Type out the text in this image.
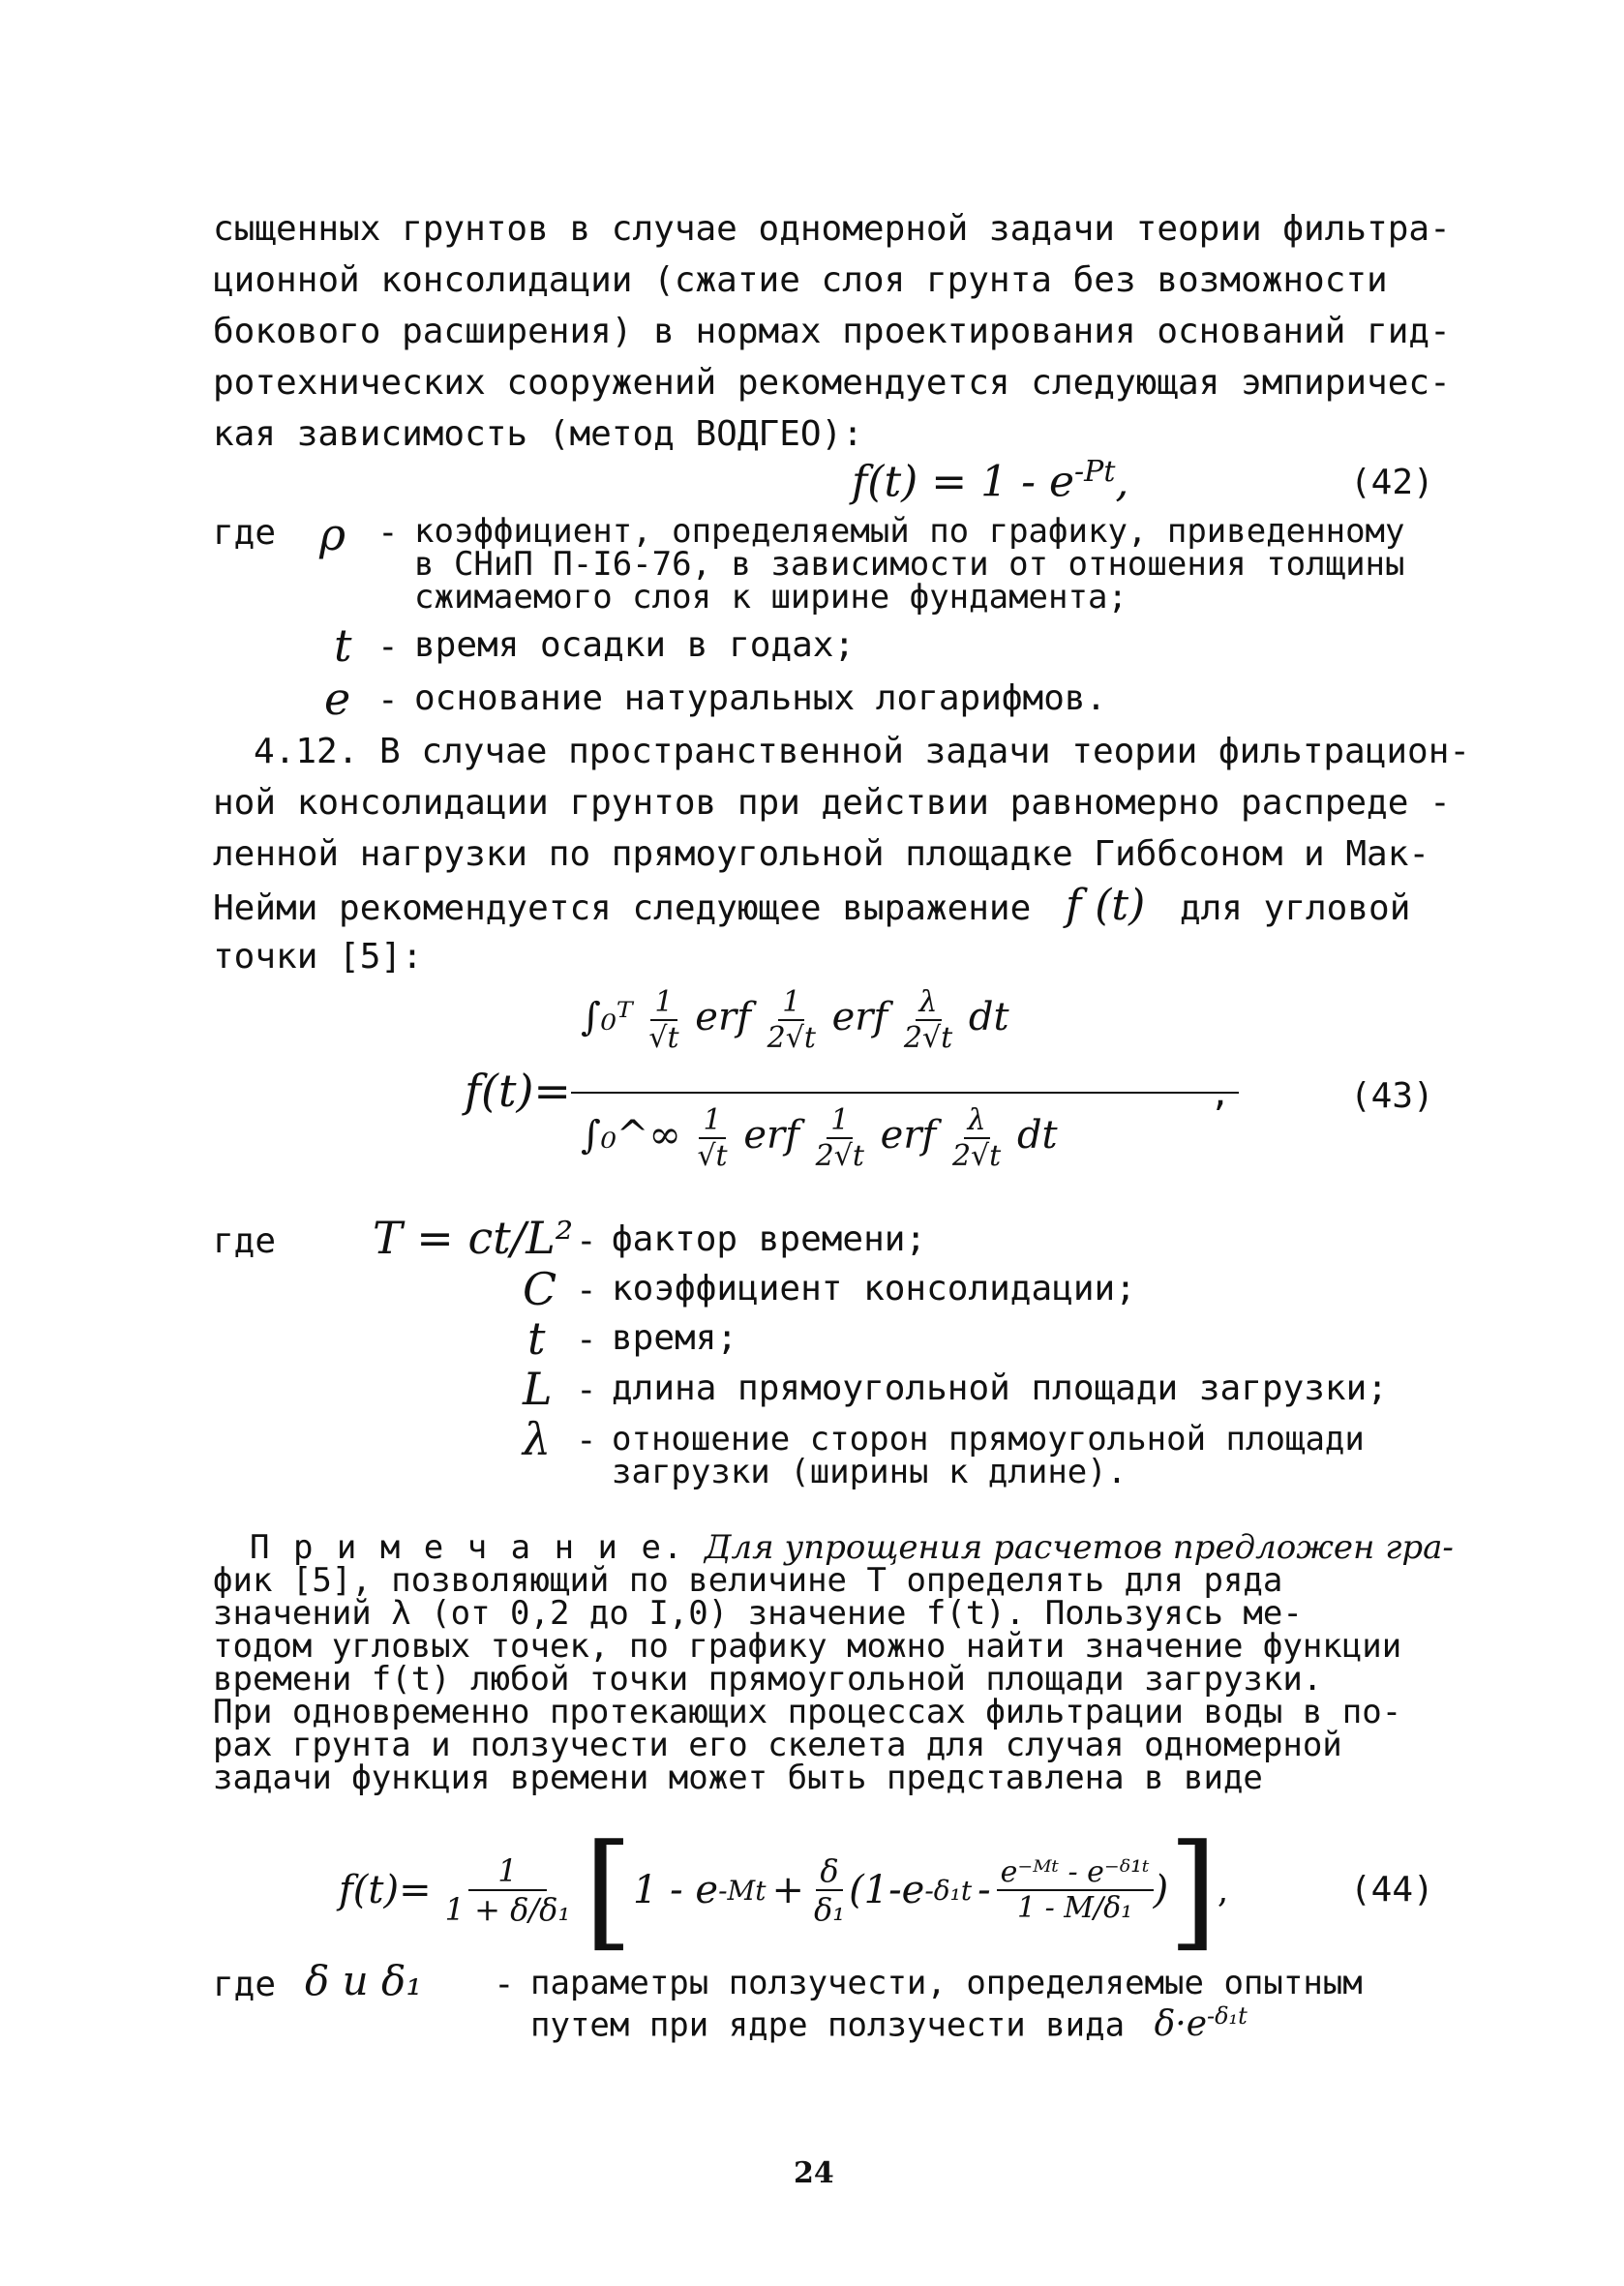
сыщенных грунтов в случае одномерной задачи теории фильтра-
ционной консолидации (сжатие слоя грунта без возможности
бокового расширения) в нормах проектирования оснований гид-
ротехнических сооружений рекомендуется следующая эмпиричес-
кая зависимость (метод ВОДГЕО):
$f(t) = 1 - e^{-Pt}$,	(42)
где ρ - коэффициент, определяемый по графику, приведенному
в СНиП П-I6-76, в зависимости от отношения толщины
сжимаемого слоя к ширине фундамента;
t - время осадки в годах;
e - основание натуральных логарифмов.
4.12. В случае пространственной задачи теории фильтрацион-
ной консолидации грунтов при действии равномерно распреде -
ленной нагрузки по прямоугольной площадке Гиббсоном и Мак-
Нейми рекомендуется следующее выражение f (t) для угловой
точки [5]:
f(t)=
∫₀ᵀ $\frac{1}{√t}$ erf $\frac{1}{2√t}$ erf $\frac{\lambda}{2√t}$ dt
∫₀^∞ $\frac{1}{√t}$ erf $\frac{1}{2√t}$ erf $\frac{\lambda}{2√t}$ dt
,	(43)
где T = ct/L² - фактор времени;
C - коэффициент консолидации;
t - время;
L - длина прямоугольной площади загрузки;
λ - отношение сторон прямоугольной площади
загрузки (ширины к длине).
П р и м е ч а н и е. Для упрощения расчетов предложен гра-
фик [5], позволяющий по величине T определять для ряда
значений λ (от 0,2 до I,0) значение f(t). Пользуясь ме-
тодом угловых точек, по графику можно найти значение функции
времени f(t) любой точки прямоугольной площади загрузки.
При одновременно протекающих процессах фильтрации воды в по-
рах грунта и ползучести его скелета для случая одномерной
задачи функция времени может быть представлена в виде
$f(t)= \frac{1}{\text{1 + δ/δ₁}}$ [ 1 - e $-Mt + \frac{\delta}{\text{δ₁}} (1-e$ $-\delta_1t - \frac{\text{e⁻ᴹᵗ - e⁻ᵟ¹ᵗ}}{\text{1 - M/δ₁}}$ ) ] ,	(44)
где δ и δ₁ - параметры ползучести, определяемые опытным
путем при ядре ползучести вида $\delta\cdot e^{-\delta_1t}$
24
